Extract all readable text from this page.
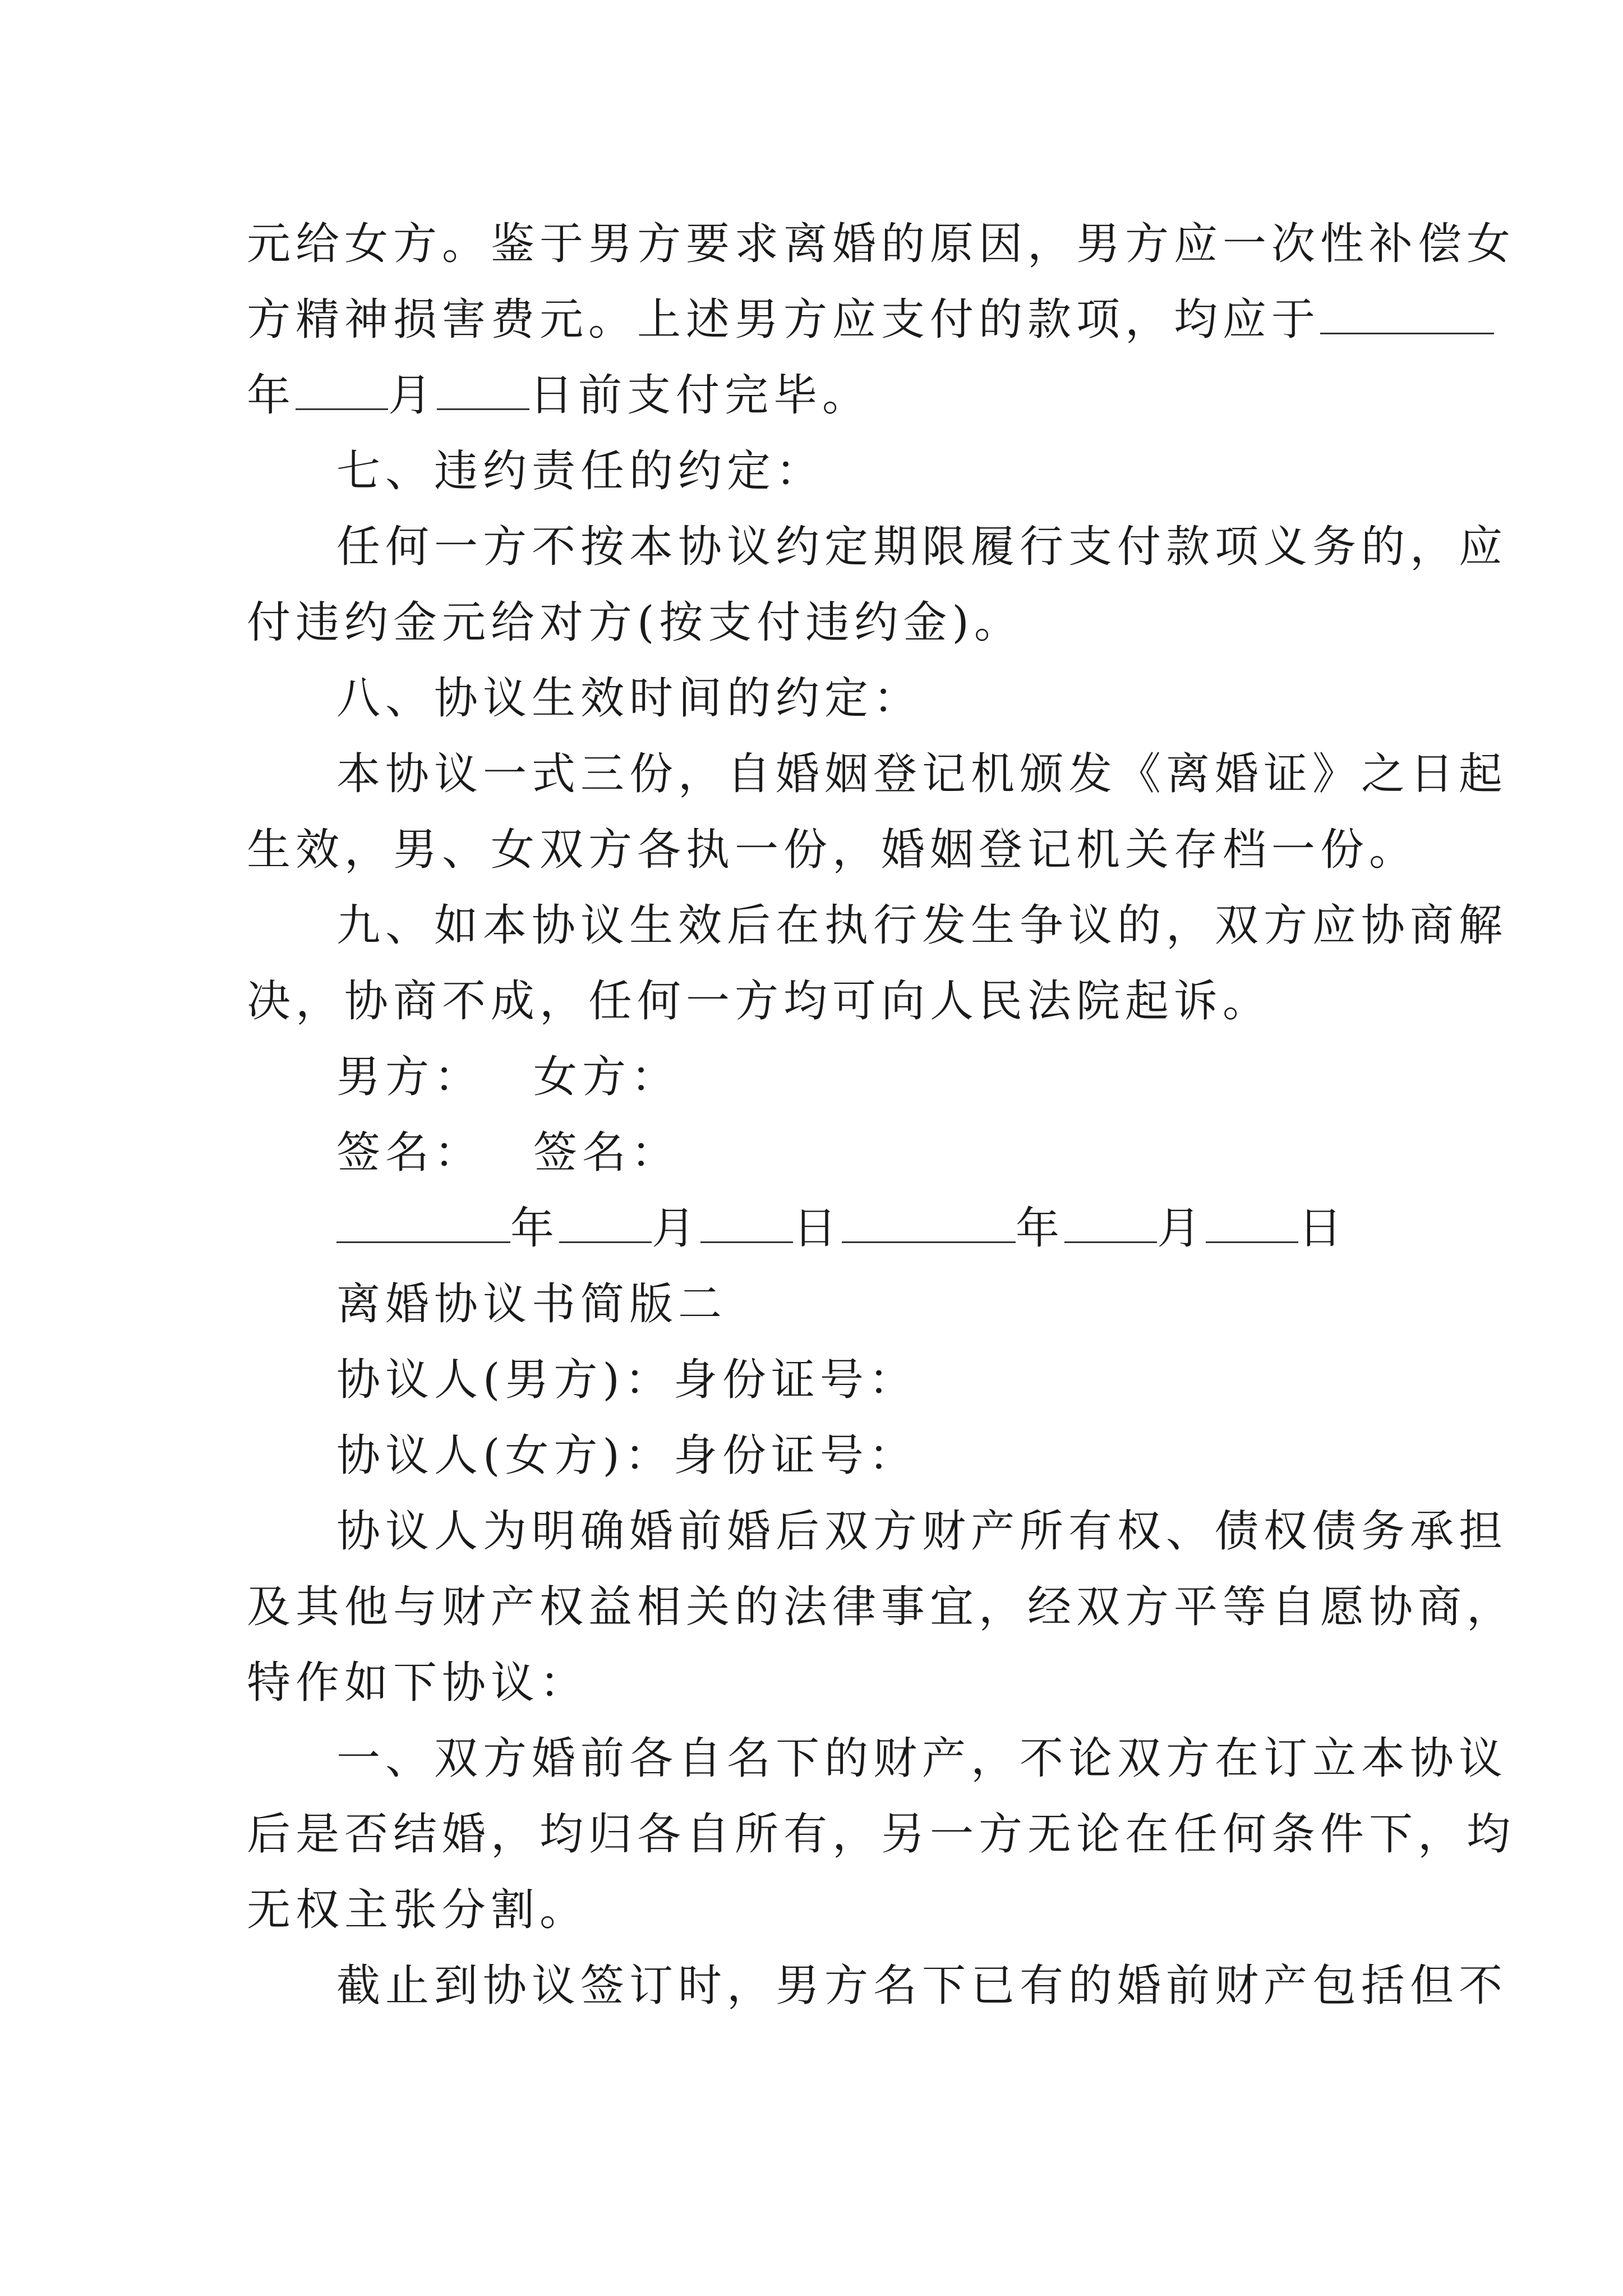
元给女方。鉴于男方要求离婚的原因，男方应一次性补偿女
方精神损害费元。上述男方应支付的款项，均应于
年 月 日前支付完毕。
七、违约责任的约定：
任何一方不按本协议约定期限履行支付款项义务的，应
付违约金元给对方(按支付违约金)。
八、协议生效时间的约定：
本协议一式三份，自婚姻登记机颁发《离婚证》之日起
生效，男、女双方各执一份，婚姻登记机关存档一份。
九、如本协议生效后在执行发生争议的，双方应协商解
决，协商不成，任何一方均可向人民法院起诉。
男方： 女方：
签名： 签名：
年 月 日	年 月 日
离婚协议书简版二
协议人(男方)：身份证号：
协议人(女方)：身份证号：
协议人为明确婚前婚后双方财产所有权、债权债务承担
及其他与财产权益相关的法律事宜，经双方平等自愿协商，
特作如下协议：
一、双方婚前各自名下的财产，不论双方在订立本协议
后是否结婚，均归各自所有，另一方无论在任何条件下，均
无权主张分割。
截止到协议签订时，男方名下已有的婚前财产包括但不
